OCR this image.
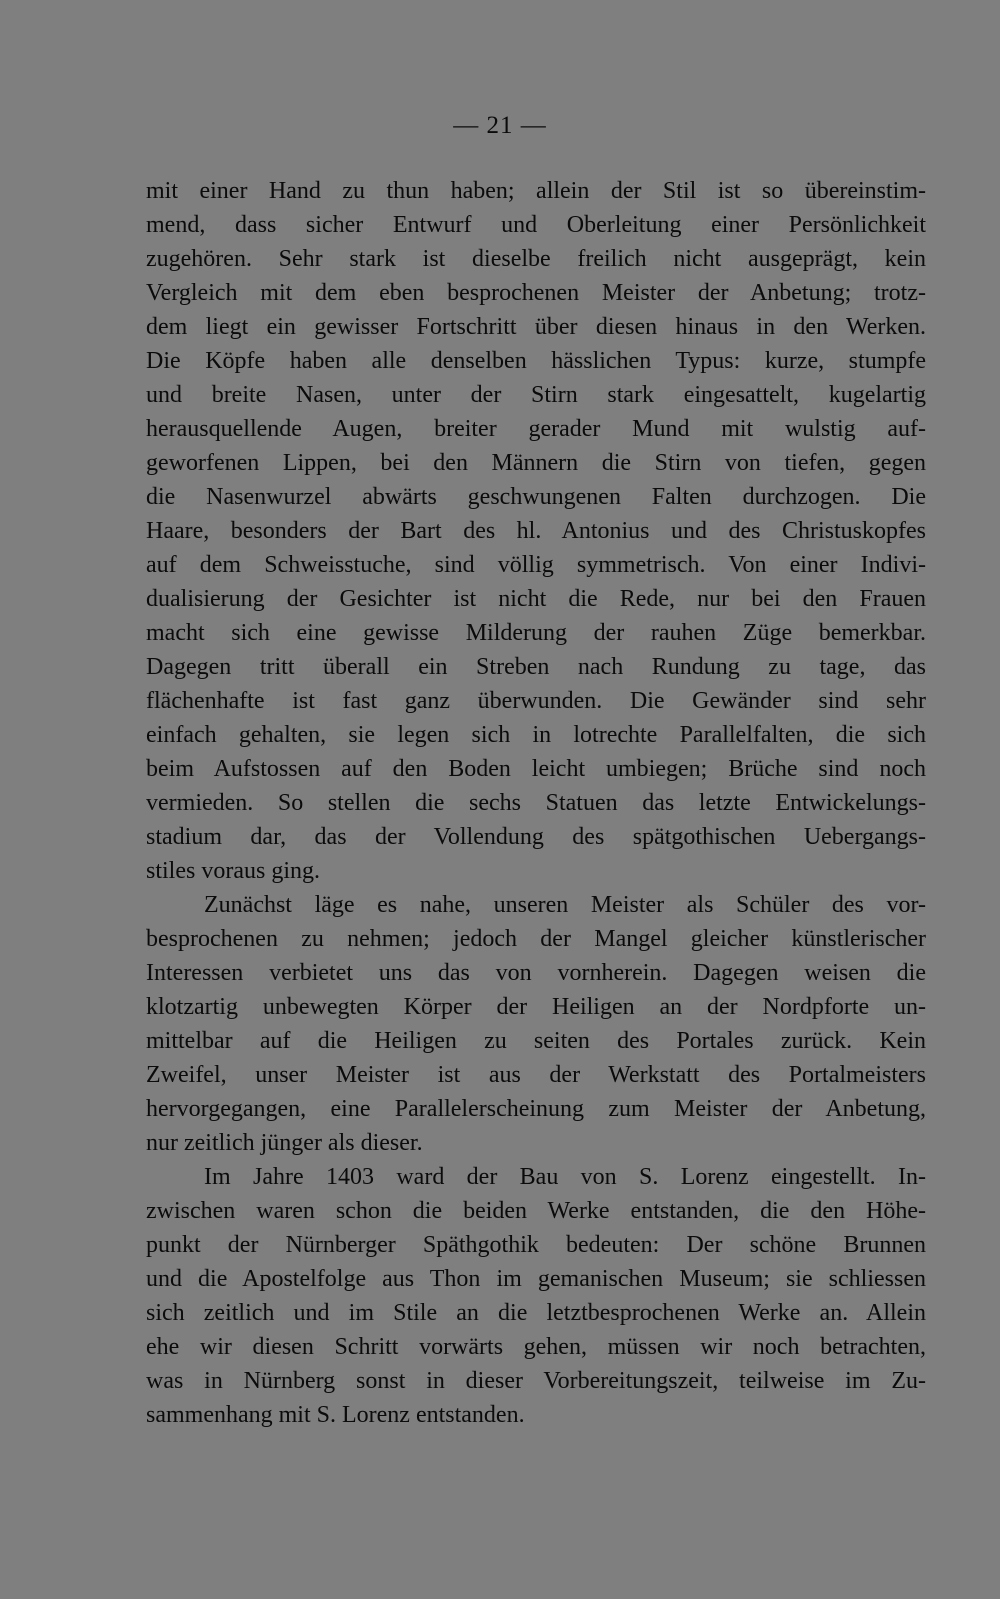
— 21 —
mit einer Hand zu thun haben; allein der Stil ist so übereinstim-
mend, dass sicher Entwurf und Oberleitung einer Persönlichkeit
zugehören. Sehr stark ist dieselbe freilich nicht ausgeprägt, kein
Vergleich mit dem eben besprochenen Meister der Anbetung; trotz-
dem liegt ein gewisser Fortschritt über diesen hinaus in den Werken.
Die Köpfe haben alle denselben hässlichen Typus: kurze, stumpfe
und breite Nasen, unter der Stirn stark eingesattelt, kugelartig
herausquellende Augen, breiter gerader Mund mit wulstig auf-
geworfenen Lippen, bei den Männern die Stirn von tiefen, gegen
die Nasenwurzel abwärts geschwungenen Falten durchzogen. Die
Haare, besonders der Bart des hl. Antonius und des Christuskopfes
auf dem Schweisstuche, sind völlig symmetrisch. Von einer Indivi-
dualisierung der Gesichter ist nicht die Rede, nur bei den Frauen
macht sich eine gewisse Milderung der rauhen Züge bemerkbar.
Dagegen tritt überall ein Streben nach Rundung zu tage, das
flächenhafte ist fast ganz überwunden. Die Gewänder sind sehr
einfach gehalten, sie legen sich in lotrechte Parallelfalten, die sich
beim Aufstossen auf den Boden leicht umbiegen; Brüche sind noch
vermieden. So stellen die sechs Statuen das letzte Entwickelungs-
stadium dar, das der Vollendung des spätgothischen Uebergangs-
stiles voraus ging.
Zunächst läge es nahe, unseren Meister als Schüler des vor-
besprochenen zu nehmen; jedoch der Mangel gleicher künstlerischer
Interessen verbietet uns das von vornherein. Dagegen weisen die
klotzartig unbewegten Körper der Heiligen an der Nordpforte un-
mittelbar auf die Heiligen zu seiten des Portales zurück. Kein
Zweifel, unser Meister ist aus der Werkstatt des Portalmeisters
hervorgegangen, eine Parallelerscheinung zum Meister der Anbetung,
nur zeitlich jünger als dieser.
Im Jahre 1403 ward der Bau von S. Lorenz eingestellt. In-
zwischen waren schon die beiden Werke entstanden, die den Höhe-
punkt der Nürnberger Späthgothik bedeuten: Der schöne Brunnen
und die Apostelfolge aus Thon im gemanischen Museum; sie schliessen
sich zeitlich und im Stile an die letztbesprochenen Werke an. Allein
ehe wir diesen Schritt vorwärts gehen, müssen wir noch betrachten,
was in Nürnberg sonst in dieser Vorbereitungszeit, teilweise im Zu-
sammenhang mit S. Lorenz entstanden.
